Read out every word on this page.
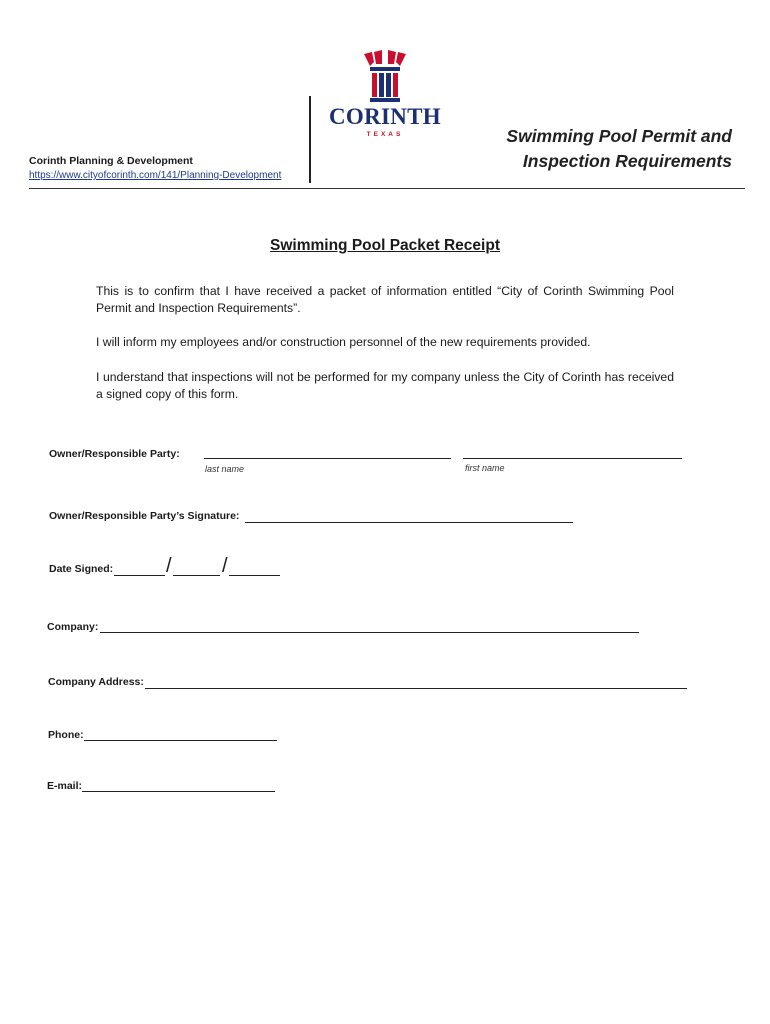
Corinth Planning & Development
https://www.cityofcorinth.com/141/Planning-Development
CORINTH
TEXAS	Swimming Pool Permit and
Inspection Requirements
Swimming Pool Packet Receipt
This is to confirm that I have received a packet of information entitled “City of Corinth Swimming Pool Permit and Inspection Requirements”.
I will inform my employees and/or construction personnel of the new requirements provided.
I understand that inspections will not be performed for my company unless the City of Corinth has received a signed copy of this form.
Owner/Responsible Party:
last name	first name
Owner/Responsible Party’s Signature:
Date Signed:	/	/
Company:
Company Address:
Phone:
E-mail:
